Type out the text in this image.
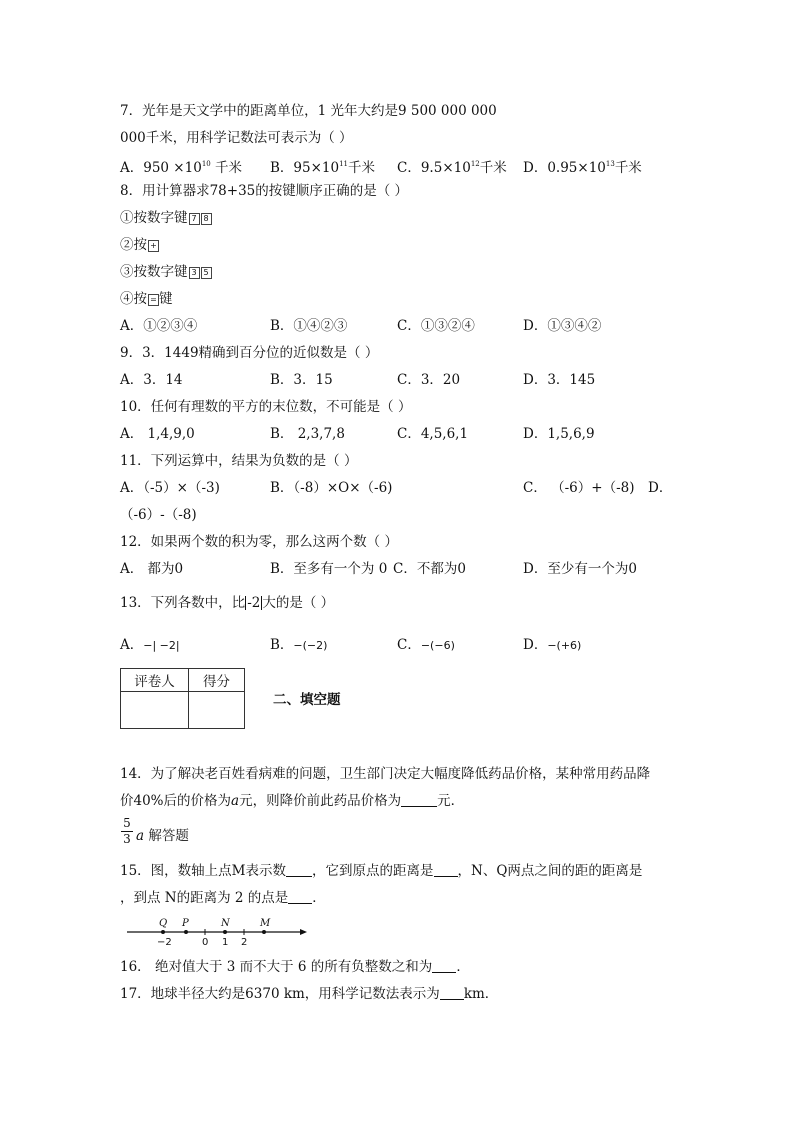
7．光年是天文学中的距离单位，1 光年大约是9 500 000 000
000千米，用科学记数法可表示为（ ）
A．$950 \times 10^{10}$ 千米 B．$95\times 10^{11}$千米 C．$9.5\times 10^{12}$千米 D．$0.95\times 10^{13}$千米
8．用计算器求78+35的按键顺序正确的是（ ）
①按数字键 7 8
②按 +
③按数字键 3 5
④按 = 键
A．①②③④	B．①④②③	C．①③②④	D．①③④②
9．3．1449精确到百分位的近似数是（ ）
A．3．14	B．3．15	C．3．20	D．3．145
10．任何有理数的平方的末位数，不可能是（ ）
A． 1,4,9,0	B． 2,3,7,8	C．4,5,6,1	D．1,5,6,9
11．下列运算中，结果为负数的是（ ）
A．（-5）×（-3)	B．（-8）×O×（-6)	C． （-6）+（-8) D．
（-6）-（-8)
12．如果两个数的积为零，那么这两个数（ ）
A． 都为0	B．至多有一个为 0 C．不都为0	D．至少有一个为0
13．下列各数中，比 -2 大的是（ ）
A．−| −2|	B．−(−2)	C．−(−6)	D．−(+6)
评卷人	得分

二、填空题
14．为了解决老百姓看病难的问题，卫生部门决定大幅度降低药品价格，某种常用药品降
价40%后的价格为a元，则降价前此药品价格为	元．
5
3 a 解答题
15．图，数轴上点M表示数 ，它到原点的距离是 ，N、Q两点之间的距的距离是
，到点 N的距离为 2 的点是 ．
Q P	N	M
−2	0 1 2
16． 绝对值大于 3 而不大于 6 的所有负整数之和为 ．
17．地球半径大约是6370 km，用科学记数法表示为 km．
